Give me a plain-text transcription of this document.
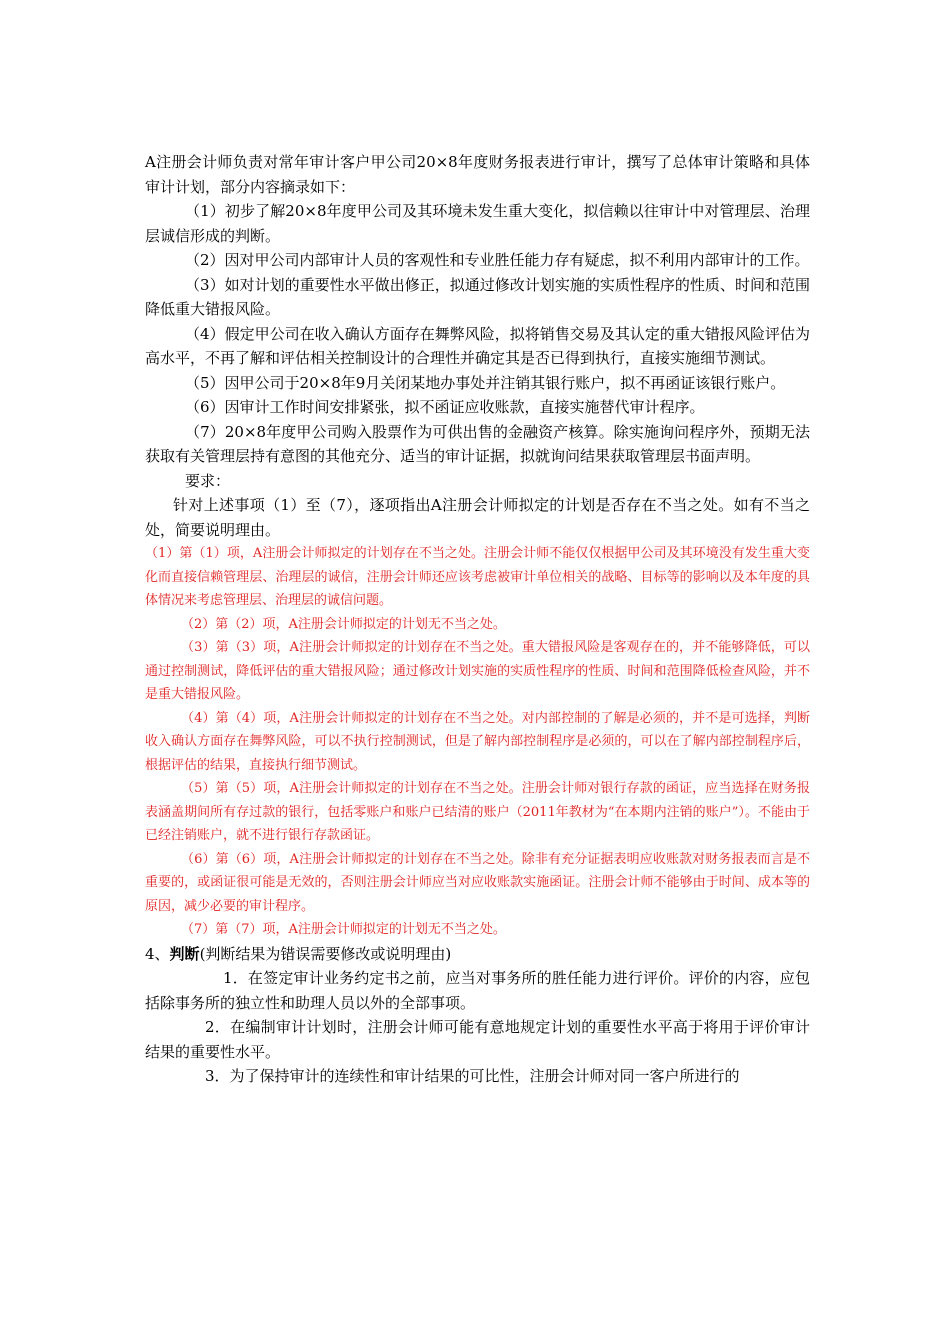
A注册会计师负责对常年审计客户甲公司20×8年度财务报表进行审计，撰写了总体审计策略和具体审计计划，部分内容摘录如下：

（1）初步了解20×8年度甲公司及其环境未发生重大变化，拟信赖以往审计中对管理层、治理层诚信形成的判断。

（2）因对甲公司内部审计人员的客观性和专业胜任能力存有疑虑，拟不利用内部审计的工作。

（3）如对计划的重要性水平做出修正，拟通过修改计划实施的实质性程序的性质、时间和范围降低重大错报风险。

（4）假定甲公司在收入确认方面存在舞弊风险，拟将销售交易及其认定的重大错报风险评估为高水平，不再了解和评估相关控制设计的合理性并确定其是否已得到执行，直接实施细节测试。

（5）因甲公司于20×8年9月关闭某地办事处并注销其银行账户，拟不再函证该银行账户。

（6）因审计工作时间安排紧张，拟不函证应收账款，直接实施替代审计程序。

（7）20×8年度甲公司购入股票作为可供出售的金融资产核算。除实施询问程序外，预期无法获取有关管理层持有意图的其他充分、适当的审计证据，拟就询问结果获取管理层书面声明。

要求：

针对上述事项（1）至（7），逐项指出A注册会计师拟定的计划是否存在不当之处。如有不当之处，简要说明理由。

（1）第（1）项，A注册会计师拟定的计划存在不当之处。注册会计师不能仅仅根据甲公司及其环境没有发生重大变化而直接信赖管理层、治理层的诚信，注册会计师还应该考虑被审计单位相关的战略、目标等的影响以及本年度的具体情况来考虑管理层、治理层的诚信问题。

（2）第（2）项，A注册会计师拟定的计划无不当之处。

（3）第（3）项，A注册会计师拟定的计划存在不当之处。重大错报风险是客观存在的，并不能够降低，可以通过控制测试，降低评估的重大错报风险；通过修改计划实施的实质性程序的性质、时间和范围降低检查风险，并不是重大错报风险。

（4）第（4）项，A注册会计师拟定的计划存在不当之处。对内部控制的了解是必须的，并不是可选择，判断收入确认方面存在舞弊风险，可以不执行控制测试，但是了解内部控制程序是必须的，可以在了解内部控制程序后，根据评估的结果，直接执行细节测试。

（5）第（5）项，A注册会计师拟定的计划存在不当之处。注册会计师对银行存款的函证，应当选择在财务报表涵盖期间所有存过款的银行，包括零账户和账户已结清的账户（2011年教材为“在本期内注销的账户”）。不能由于已经注销账户，就不进行银行存款函证。

（6）第（6）项，A注册会计师拟定的计划存在不当之处。除非有充分证据表明应收账款对财务报表而言是不重要的，或函证很可能是无效的，否则注册会计师应当对应收账款实施函证。注册会计师不能够由于时间、成本等的原因，减少必要的审计程序。

（7）第（7）项，A注册会计师拟定的计划无不当之处。

4、判断(判断结果为错误需要修改或说明理由)

1．在签定审计业务约定书之前，应当对事务所的胜任能力进行评价。评价的内容，应包括除事务所的独立性和助理人员以外的全部事项。

2．在编制审计计划时，注册会计师可能有意地规定计划的重要性水平高于将用于评价审计结果的重要性水平。

3．为了保持审计的连续性和审计结果的可比性，注册会计师对同一客户所进行的
